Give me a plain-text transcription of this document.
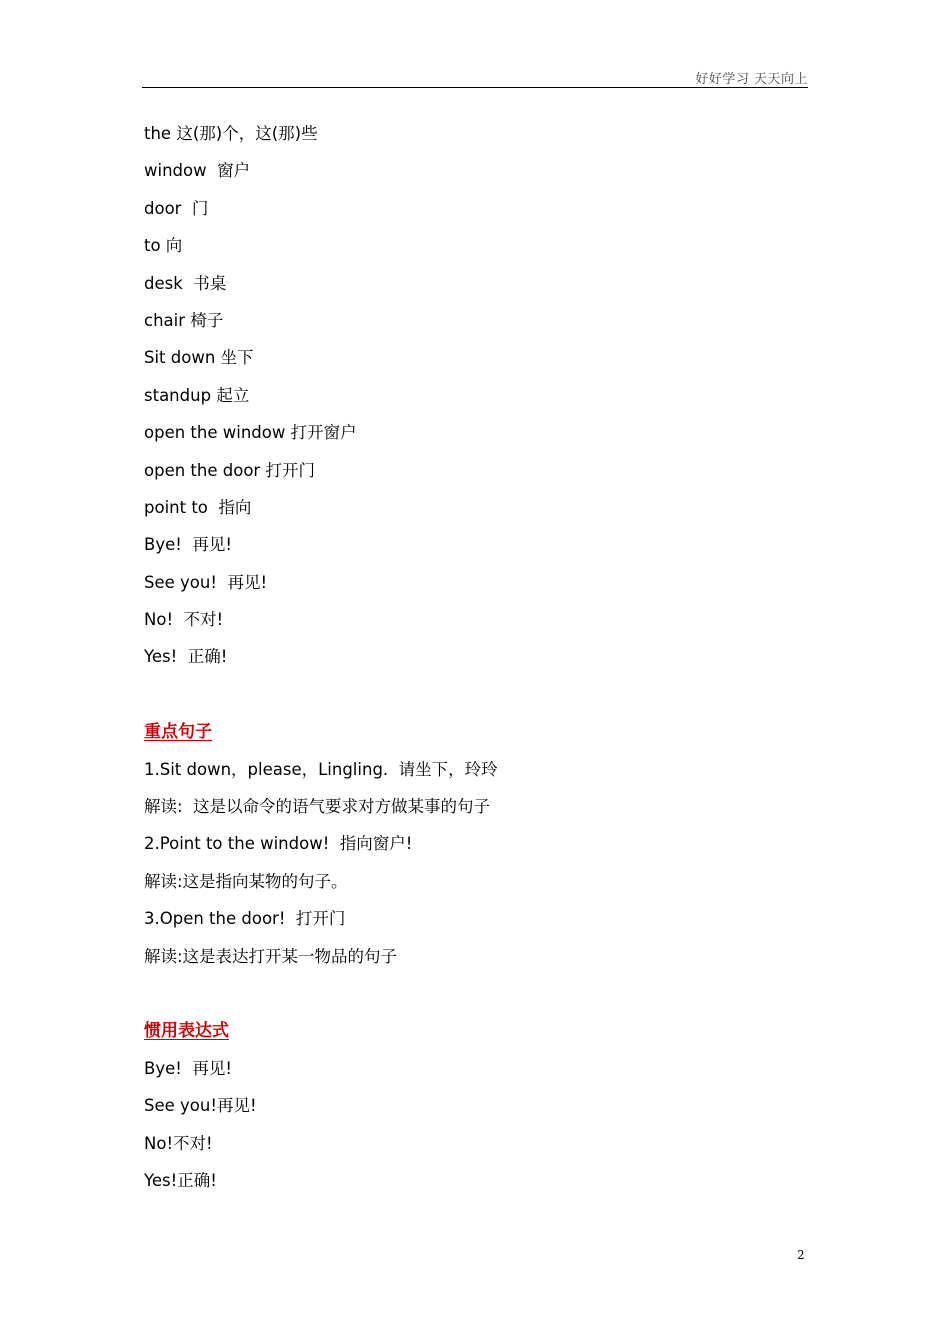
好好学习 天天向上
the 这(那)个，这(那)些
window  窗户
door  门
to 向
desk  书桌
chair 椅子
Sit down 坐下
standup 起立
open the window 打开窗户
open the door 打开门
point to  指向
Bye!  再见!
See you!  再见!
No!  不对!
Yes!  正确!
重点句子
1.Sit down，please，Lingling.  请坐下，玲玲
解读:  这是以命令的语气要求对方做某事的句子
2.Point to the window!  指向窗户!
解读:这是指向某物的句子。
3.Open the door!  打开门
解读:这是表达打开某一物品的句子
惯用表达式
Bye!  再见!
See you!再见!
No!不对!
Yes!正确!
2
